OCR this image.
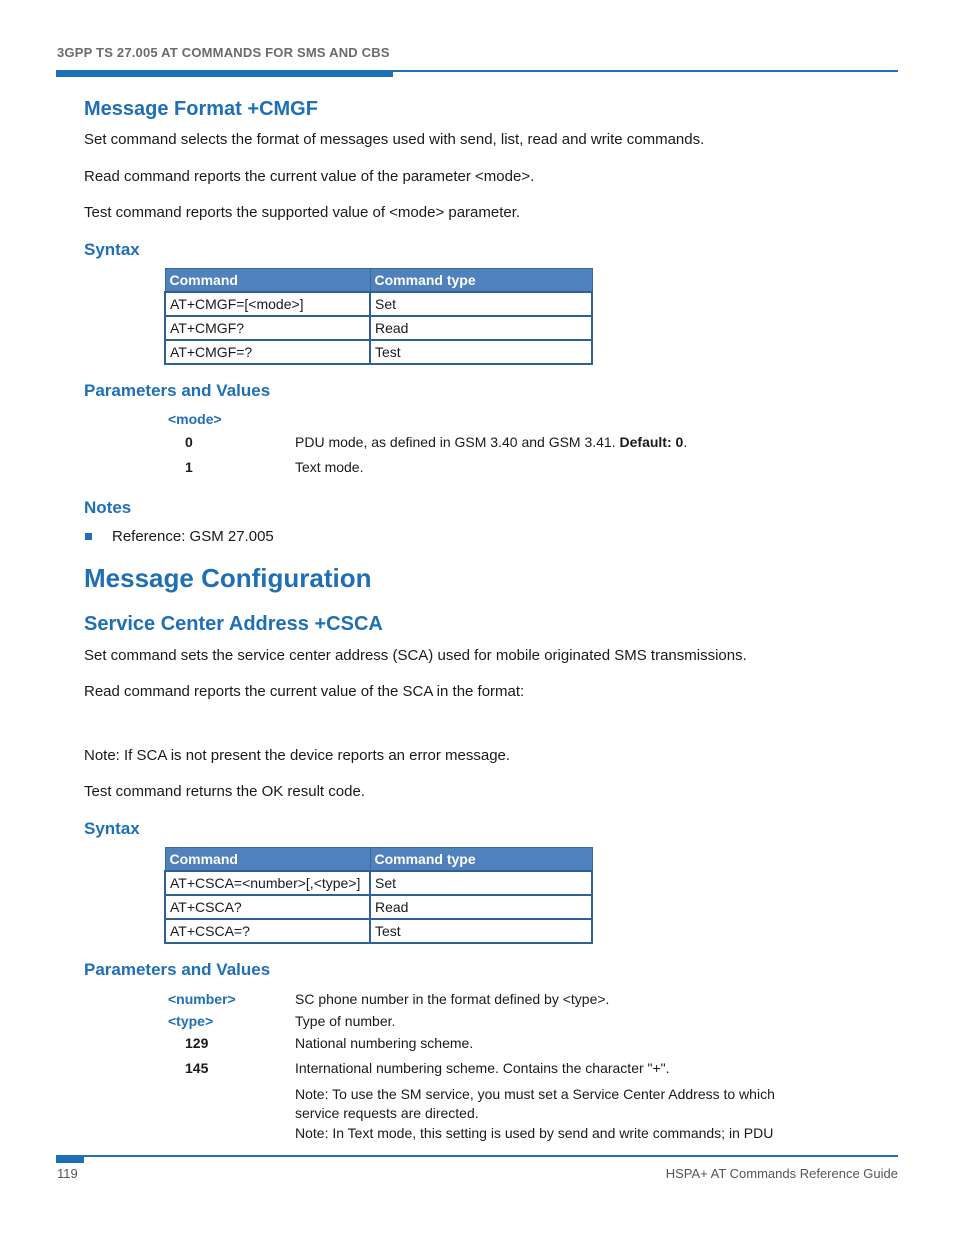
3GPP TS 27.005 AT COMMANDS FOR SMS AND CBS
Message Format +CMGF
Set command selects the format of messages used with send, list, read and write commands.
Read command reports the current value of the parameter <mode>.
Test command reports the supported value of <mode> parameter.
Syntax
Command	Command type
AT+CMGF=[<mode>]	Set
AT+CMGF?	Read
AT+CMGF=?	Test
Parameters and Values
<mode>
0	PDU mode, as defined in GSM 3.40 and GSM 3.41. Default: 0.
1	Text mode.
Notes
Reference: GSM 27.005
Message Configuration
Service Center Address +CSCA
Set command sets the service center address (SCA) used for mobile originated SMS transmissions.
Read command reports the current value of the SCA in the format:
Note: If SCA is not present the device reports an error message.
Test command returns the OK result code.
Syntax
Command	Command type
AT+CSCA=<number>[,<type>]	Set
AT+CSCA?	Read
AT+CSCA=?	Test
Parameters and Values
<number>	SC phone number in the format defined by <type>.
<type>	Type of number.
129	National numbering scheme.
145	International numbering scheme. Contains the character "+".
Note: To use the SM service, you must set a Service Center Address to which service requests are directed.
Note: In Text mode, this setting is used by send and write commands; in PDU
119	HSPA+ AT Commands Reference Guide
